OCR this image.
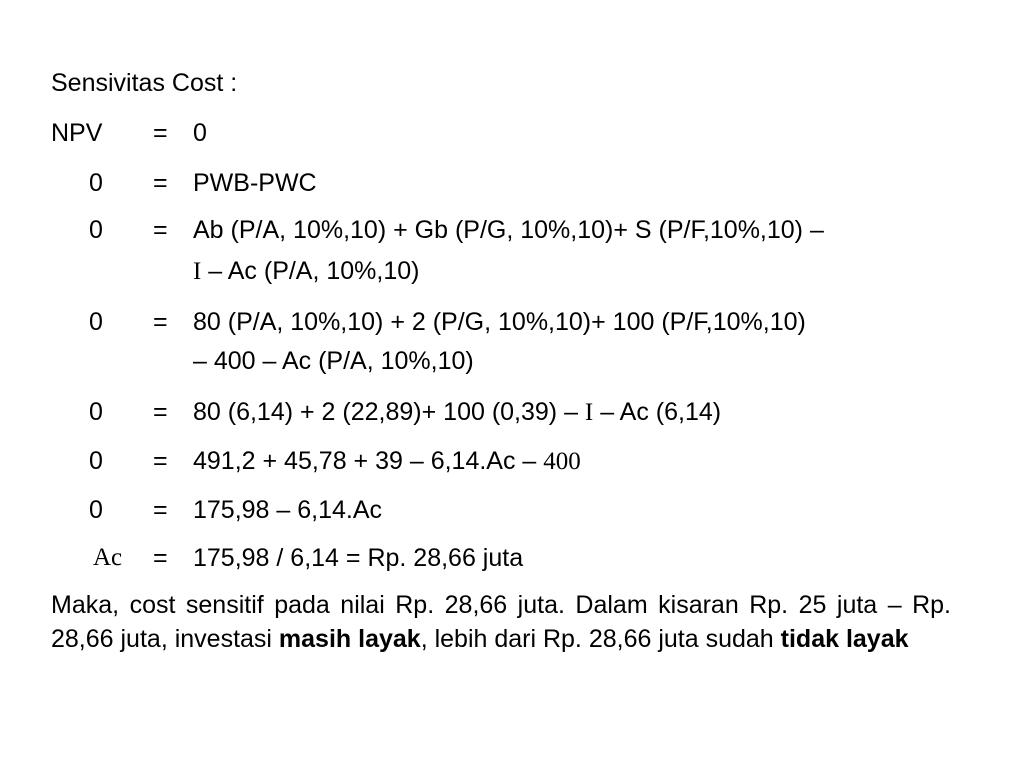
Sensivitas Cost :
NPV = 0
0 = PWB-PWC
0 = Ab (P/A, 10%,10) + Gb (P/G, 10%,10)+ S (P/F,10%,10) –
I – Ac (P/A, 10%,10)
0 = 80 (P/A, 10%,10) + 2 (P/G, 10%,10)+ 100 (P/F,10%,10)
– 400 – Ac (P/A, 10%,10)
0 = 80 (6,14) + 2 (22,89)+ 100 (0,39) – I – Ac (6,14)
0 = 491,2 + 45,78 + 39 – 6,14.Ac – 400
0 = 175,98 – 6,14.Ac
Ac = 175,98 / 6,14 = Rp. 28,66 juta

Maka, cost sensitif pada nilai Rp. 28,66 juta. Dalam kisaran Rp. 25 juta – Rp. 28,66 juta, investasi masih layak, lebih dari Rp. 28,66 juta sudah tidak layak
